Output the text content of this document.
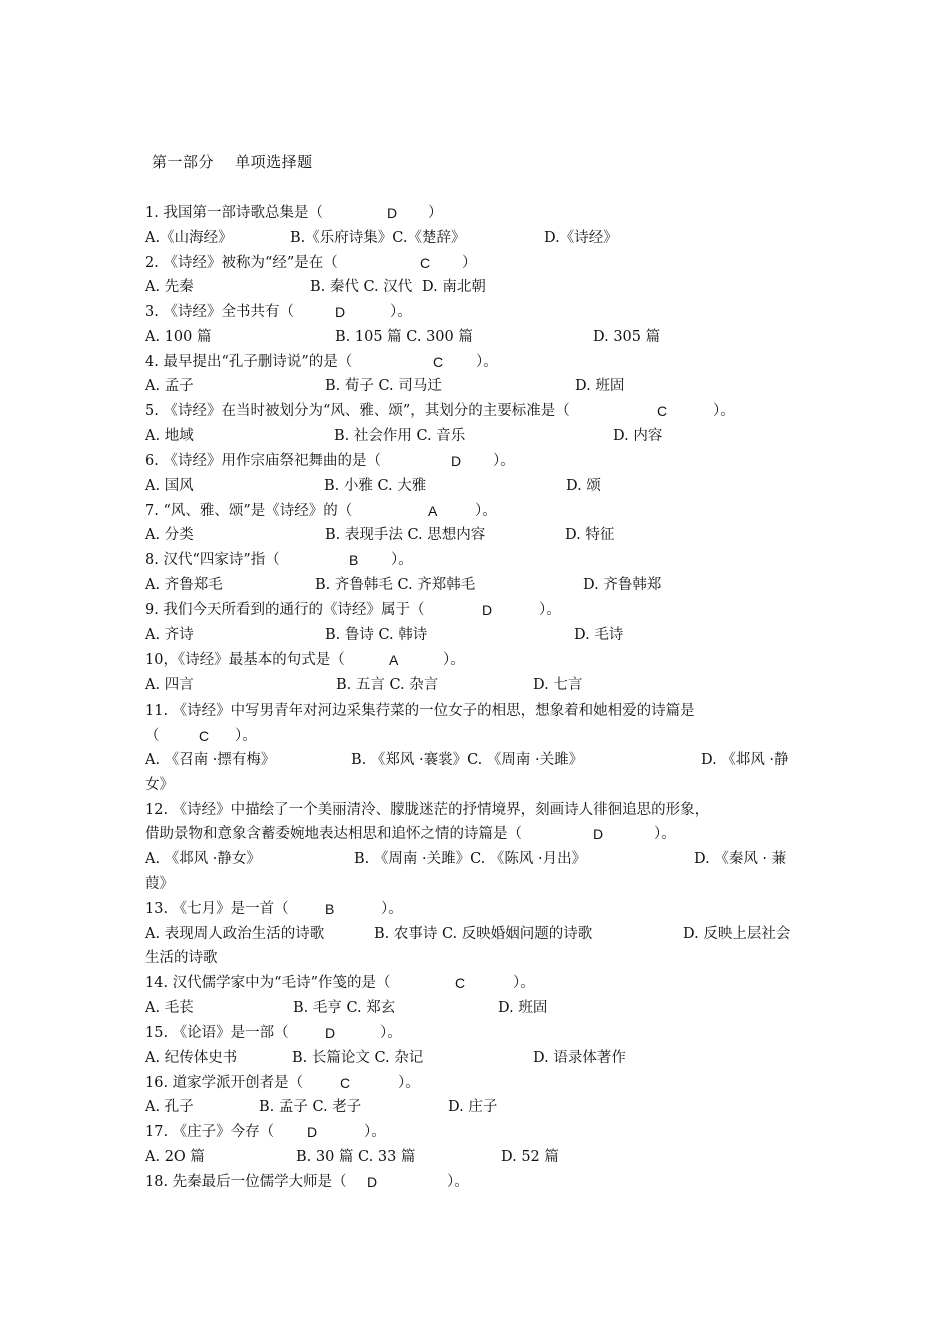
第一部分    单项选择题
1. 我国第一部诗歌总集是（	D ）
A.《山海经》	B.《乐府诗集》C.《楚辞》	D.《诗经》
2. 《诗经》被称为“经”是在（	C ）
A. 先秦	B. 秦代 C. 汉代 D. 南北朝
3. 《诗经》全书共有（	D	）。
A. 100 篇	B. 105 篇 C. 300 篇	D. 305 篇
4. 最早提出“孔子删诗说”的是（	C ）。
A. 孟子	B. 荀子 C. 司马迁	D. 班固
5. 《诗经》在当时被划分为“风、雅、颂”，其划分的主要标准是（	C	）。
A. 地域	B. 社会作用 C. 音乐	D. 内容
6. 《诗经》用作宗庙祭祀舞曲的是（	D ）。
A. 国风	B. 小雅 C. 大雅	D. 颂
7. “风、雅、颂”是《诗经》的（	A	）。
A. 分类	B. 表现手法 C. 思想内容	D. 特征
8. 汉代“四家诗”指（	B ）。
A. 齐鲁郑毛	B. 齐鲁韩毛 C. 齐郑韩毛	D. 齐鲁韩郑
9. 我们今天所看到的通行的《诗经》属于（	D	）。
A. 齐诗	B. 鲁诗 C. 韩诗	D. 毛诗
10，《诗经》最基本的句式是（	A	）。
A. 四言	B. 五言 C. 杂言	D. 七言
11. 《诗经》中写男青年对河边采集荇菜的一位女子的相思，想象着和她相爱的诗篇是
（	C ）。
A. 《召南 ·摽有梅》	B. 《郑风 ·褰裳》C. 《周南 ·关雎》	D. 《邶风 ·静
女》
12. 《诗经》中描绘了一个美丽清泠、朦胧迷茫的抒情境界，刻画诗人徘徊追思的形象，
借助景物和意象含蓄委婉地表达相思和追怀之情的诗篇是（	D	）。
A. 《邶风 ·静女》	B. 《周南 ·关雎》C. 《陈风 ·月出》	D. 《秦风 · 蒹
葭》
13. 《七月》是一首（	B	）。
A. 表现周人政治生活的诗歌	B. 农事诗 C. 反映婚姻问题的诗歌	D. 反映上层社会
生活的诗歌
14. 汉代儒学家中为“毛诗”作笺的是（	C	）。
A. 毛苌	B. 毛亨 C. 郑玄	D. 班固
15. 《论语》是一部（	D	）。
A. 纪传体史书	B. 长篇论文 C. 杂记	D. 语录体著作
16. 道家学派开创者是（	C	）。
A. 孔子	B. 孟子 C. 老子	D. 庄子
17. 《庄子》今存（ D	）。
A. 2O 篇	B. 30 篇 C. 33 篇	D. 52 篇
18. 先秦最后一位儒学大师是（ D	）。
